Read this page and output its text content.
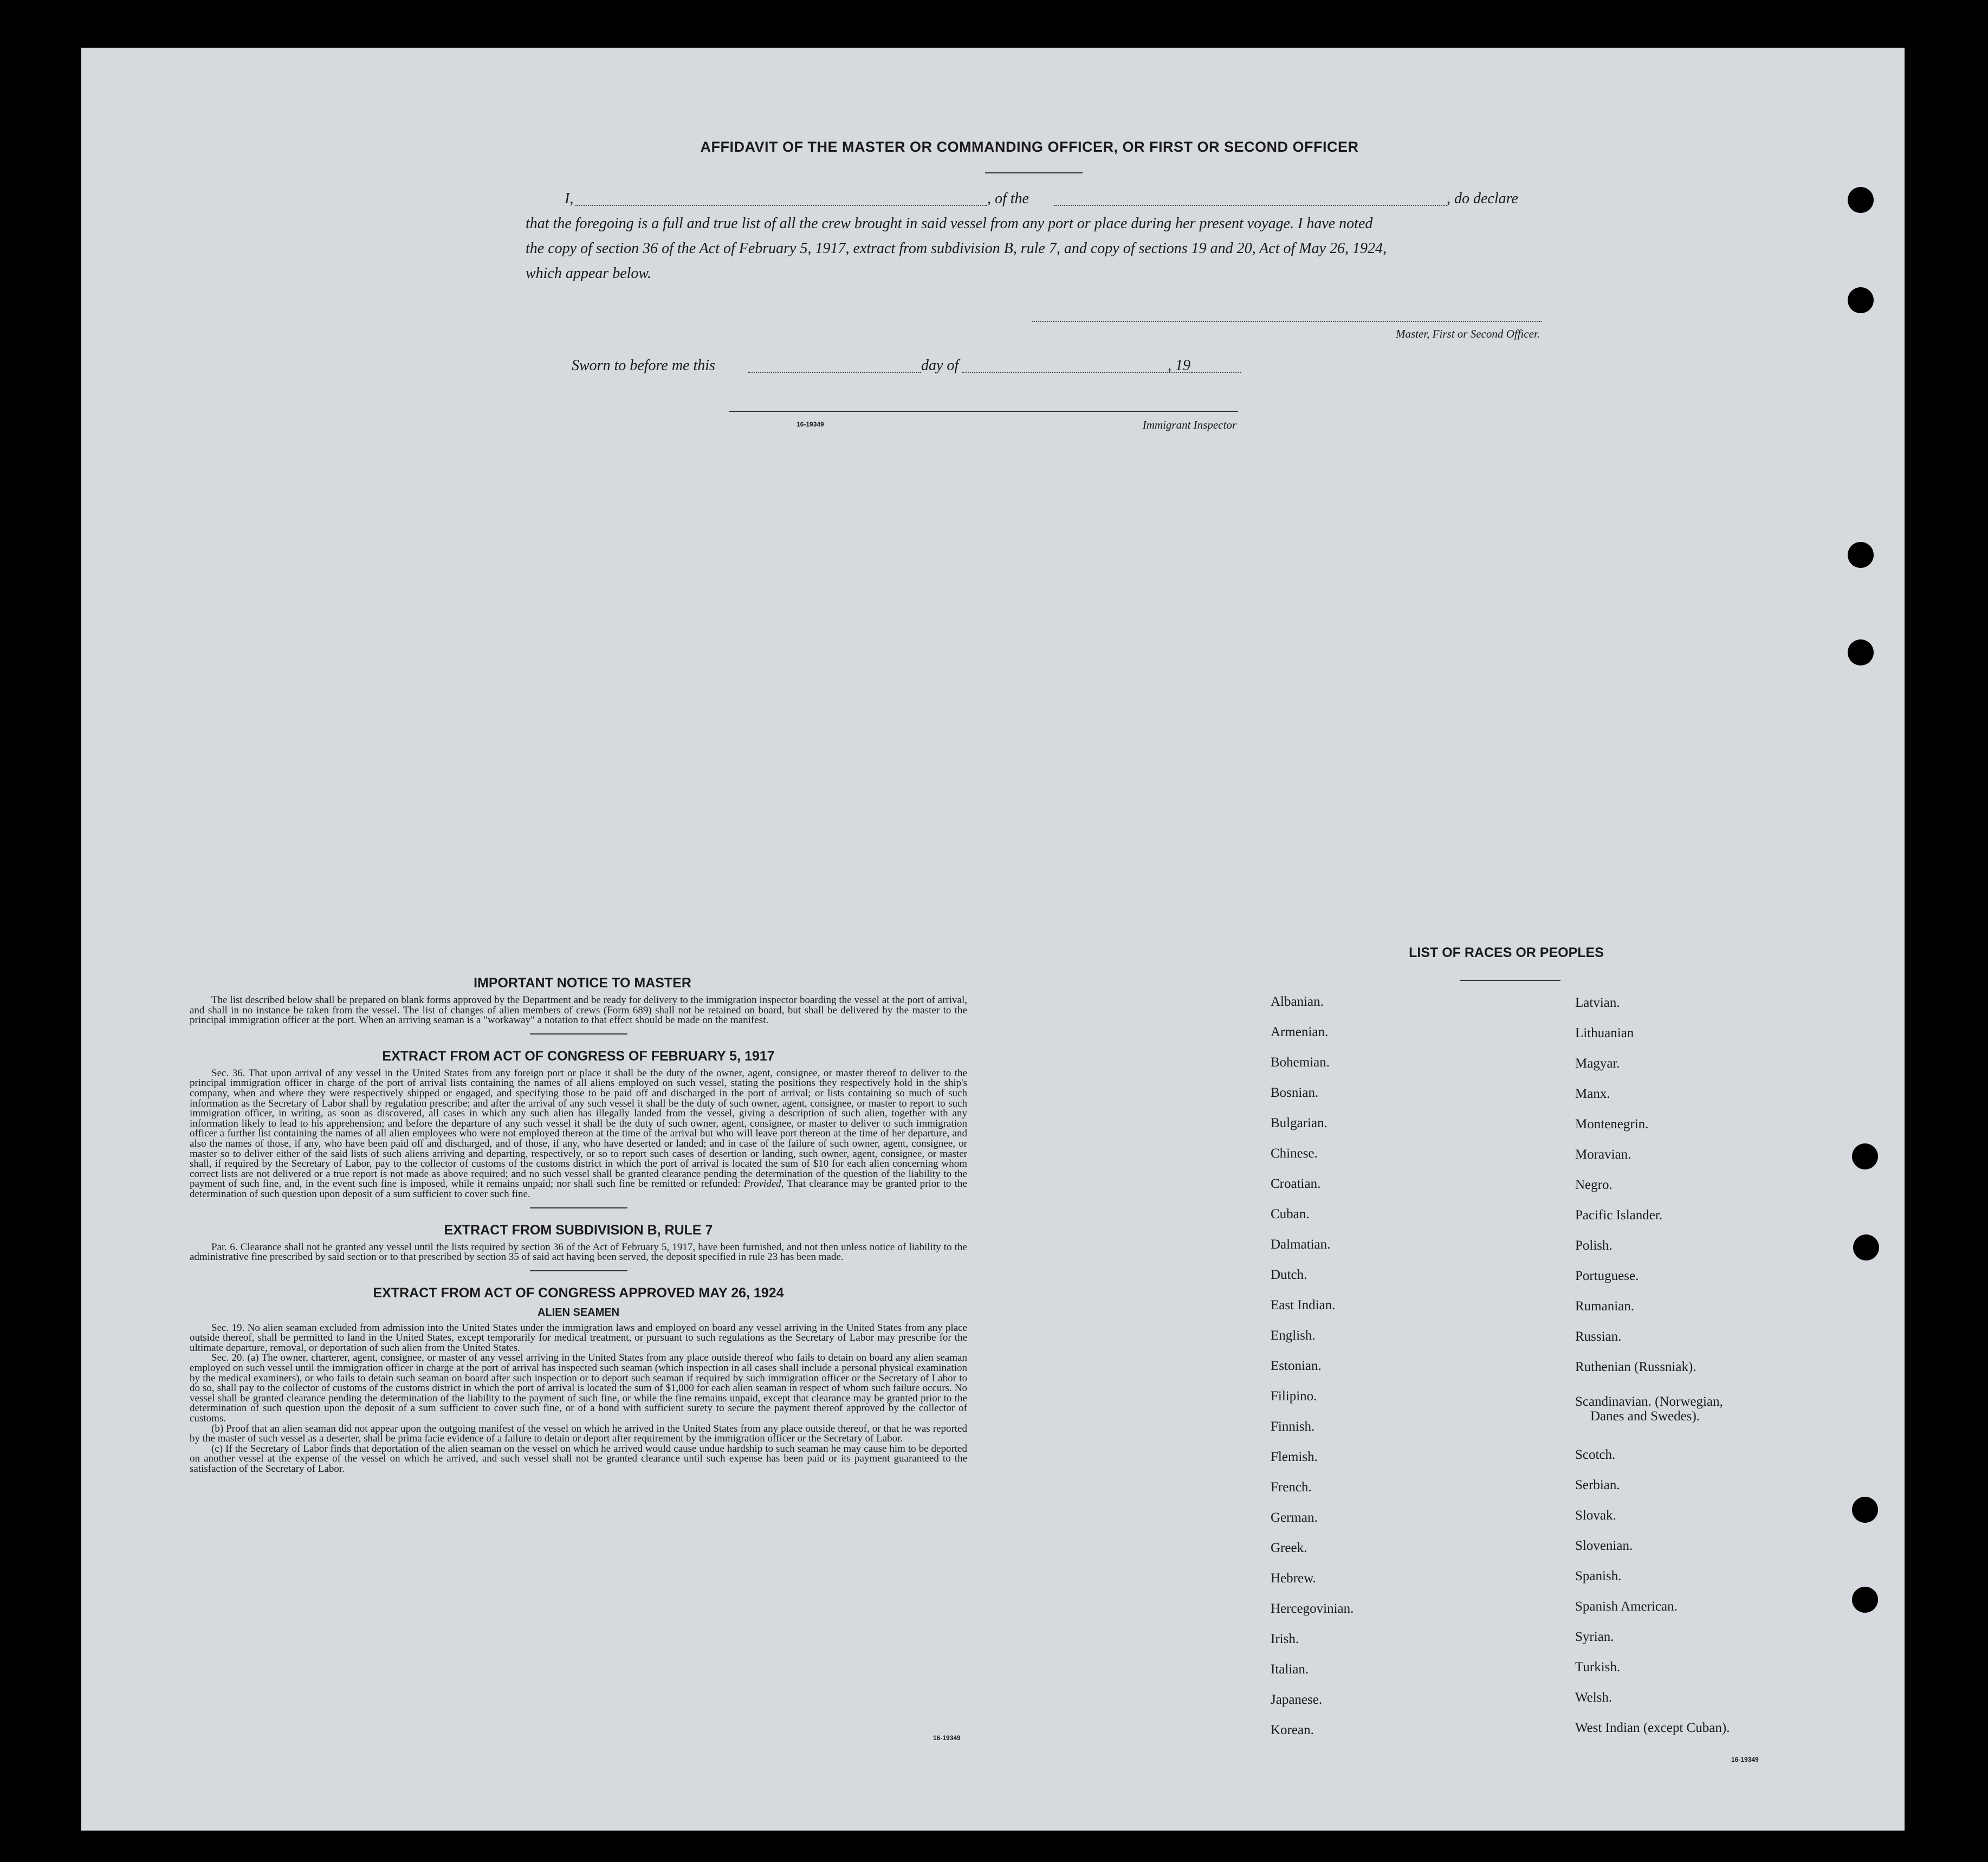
AFFIDAVIT OF THE MASTER OR COMMANDING OFFICER, OR FIRST OR SECOND OFFICER
I,	, of the	, do declare
that the foregoing is a full and true list of all the crew brought in said vessel from any port or place during her present voyage. I have noted
the copy of section 36 of the Act of February 5, 1917, extract from subdivision B, rule 7, and copy of sections 19 and 20, Act of May 26, 1924,
which appear below.
Master, First or Second Officer.
Sworn to before me this	day of	, 19
16-19349	Immigrant Inspector
IMPORTANT NOTICE TO MASTER

The list described below shall be prepared on blank forms approved by the Department and be ready for delivery to the immigration inspector boarding the vessel at the port of arrival, and shall in no instance be taken from the vessel. The list of changes of alien members of crews (Form 689) shall not be retained on board, but shall be delivered by the master to the principal immigration officer at the port. When an arriving seaman is a "workaway" a notation to that effect should be made on the manifest.

EXTRACT FROM ACT OF CONGRESS OF FEBRUARY 5, 1917

Sec. 36. That upon arrival of any vessel in the United States from any foreign port or place it shall be the duty of the owner, agent, consignee, or master thereof to deliver to the principal immigration officer in charge of the port of arrival lists containing the names of all aliens employed on such vessel, stating the positions they respectively hold in the ship's company, when and where they were respectively shipped or engaged, and specifying those to be paid off and discharged in the port of arrival; or lists containing so much of such information as the Secretary of Labor shall by regulation prescribe; and after the arrival of any such vessel it shall be the duty of such owner, agent, consignee, or master to report to such immigration officer, in writing, as soon as discovered, all cases in which any such alien has illegally landed from the vessel, giving a description of such alien, together with any information likely to lead to his apprehension; and before the departure of any such vessel it shall be the duty of such owner, agent, consignee, or master to deliver to such immigration officer a further list containing the names of all alien employees who were not employed thereon at the time of the arrival but who will leave port thereon at the time of her departure, and also the names of those, if any, who have been paid off and discharged, and of those, if any, who have deserted or landed; and in case of the failure of such owner, agent, consignee, or master so to deliver either of the said lists of such aliens arriving and departing, respectively, or so to report such cases of desertion or landing, such owner, agent, consignee, or master shall, if required by the Secretary of Labor, pay to the collector of customs of the customs district in which the port of arrival is located the sum of $10 for each alien concerning whom correct lists are not delivered or a true report is not made as above required; and no such vessel shall be granted clearance pending the determination of the question of the liability to the payment of such fine, and, in the event such fine is imposed, while it remains unpaid; nor shall such fine be remitted or refunded: Provided, That clearance may be granted prior to the determination of such question upon deposit of a sum sufficient to cover such fine.

EXTRACT FROM SUBDIVISION B, RULE 7

Par. 6. Clearance shall not be granted any vessel until the lists required by section 36 of the Act of February 5, 1917, have been furnished, and not then unless notice of liability to the administrative fine prescribed by said section or to that prescribed by section 35 of said act having been served, the deposit specified in rule 23 has been made.

EXTRACT FROM ACT OF CONGRESS APPROVED MAY 26, 1924
ALIEN SEAMEN

Sec. 19. No alien seaman excluded from admission into the United States under the immigration laws and employed on board any vessel arriving in the United States from any place outside thereof, shall be permitted to land in the United States, except temporarily for medical treatment, or pursuant to such regulations as the Secretary of Labor may prescribe for the ultimate departure, removal, or deportation of such alien from the United States.

Sec. 20. (a) The owner, charterer, agent, consignee, or master of any vessel arriving in the United States from any place outside thereof who fails to detain on board any alien seaman employed on such vessel until the immigration officer in charge at the port of arrival has inspected such seaman (which inspection in all cases shall include a personal physical examination by the medical examiners), or who fails to detain such seaman on board after such inspection or to deport such seaman if required by such immigration officer or the Secretary of Labor to do so, shall pay to the collector of customs of the customs district in which the port of arrival is located the sum of $1,000 for each alien seaman in respect of whom such failure occurs. No vessel shall be granted clearance pending the determination of the liability to the payment of such fine, or while the fine remains unpaid, except that clearance may be granted prior to the determination of such question upon the deposit of a sum sufficient to cover such fine, or of a bond with sufficient surety to secure the payment thereof approved by the collector of customs.

(b) Proof that an alien seaman did not appear upon the outgoing manifest of the vessel on which he arrived in the United States from any place outside thereof, or that he was reported by the master of such vessel as a deserter, shall be prima facie evidence of a failure to detain or deport after requirement by the immigration officer or the Secretary of Labor.

(c) If the Secretary of Labor finds that deportation of the alien seaman on the vessel on which he arrived would cause undue hardship to such seaman he may cause him to be deported on another vessel at the expense of the vessel on which he arrived, and such vessel shall not be granted clearance until such expense has been paid or its payment guaranteed to the satisfaction of the Secretary of Labor.

16-19349
LIST OF RACES OR PEOPLES
Albanian.
Armenian.
Bohemian.
Bosnian.
Bulgarian.
Chinese.
Croatian.
Cuban.
Dalmatian.
Dutch.
East Indian.
English.
Estonian.
Filipino.
Finnish.
Flemish.
French.
German.
Greek.
Hebrew.
Hercegovinian.
Irish.
Italian.
Japanese.
Korean.
Latvian.
Lithuanian
Magyar.
Manx.
Montenegrin.
Moravian.
Negro.
Pacific Islander.
Polish.
Portuguese.
Rumanian.
Russian.
Ruthenian (Russniak).
Scandinavian. (Norwegian,
Danes and Swedes).
Scotch.
Serbian.
Slovak.
Slovenian.
Spanish.
Spanish American.
Syrian.
Turkish.
Welsh.
West Indian (except Cuban).
16-19349
